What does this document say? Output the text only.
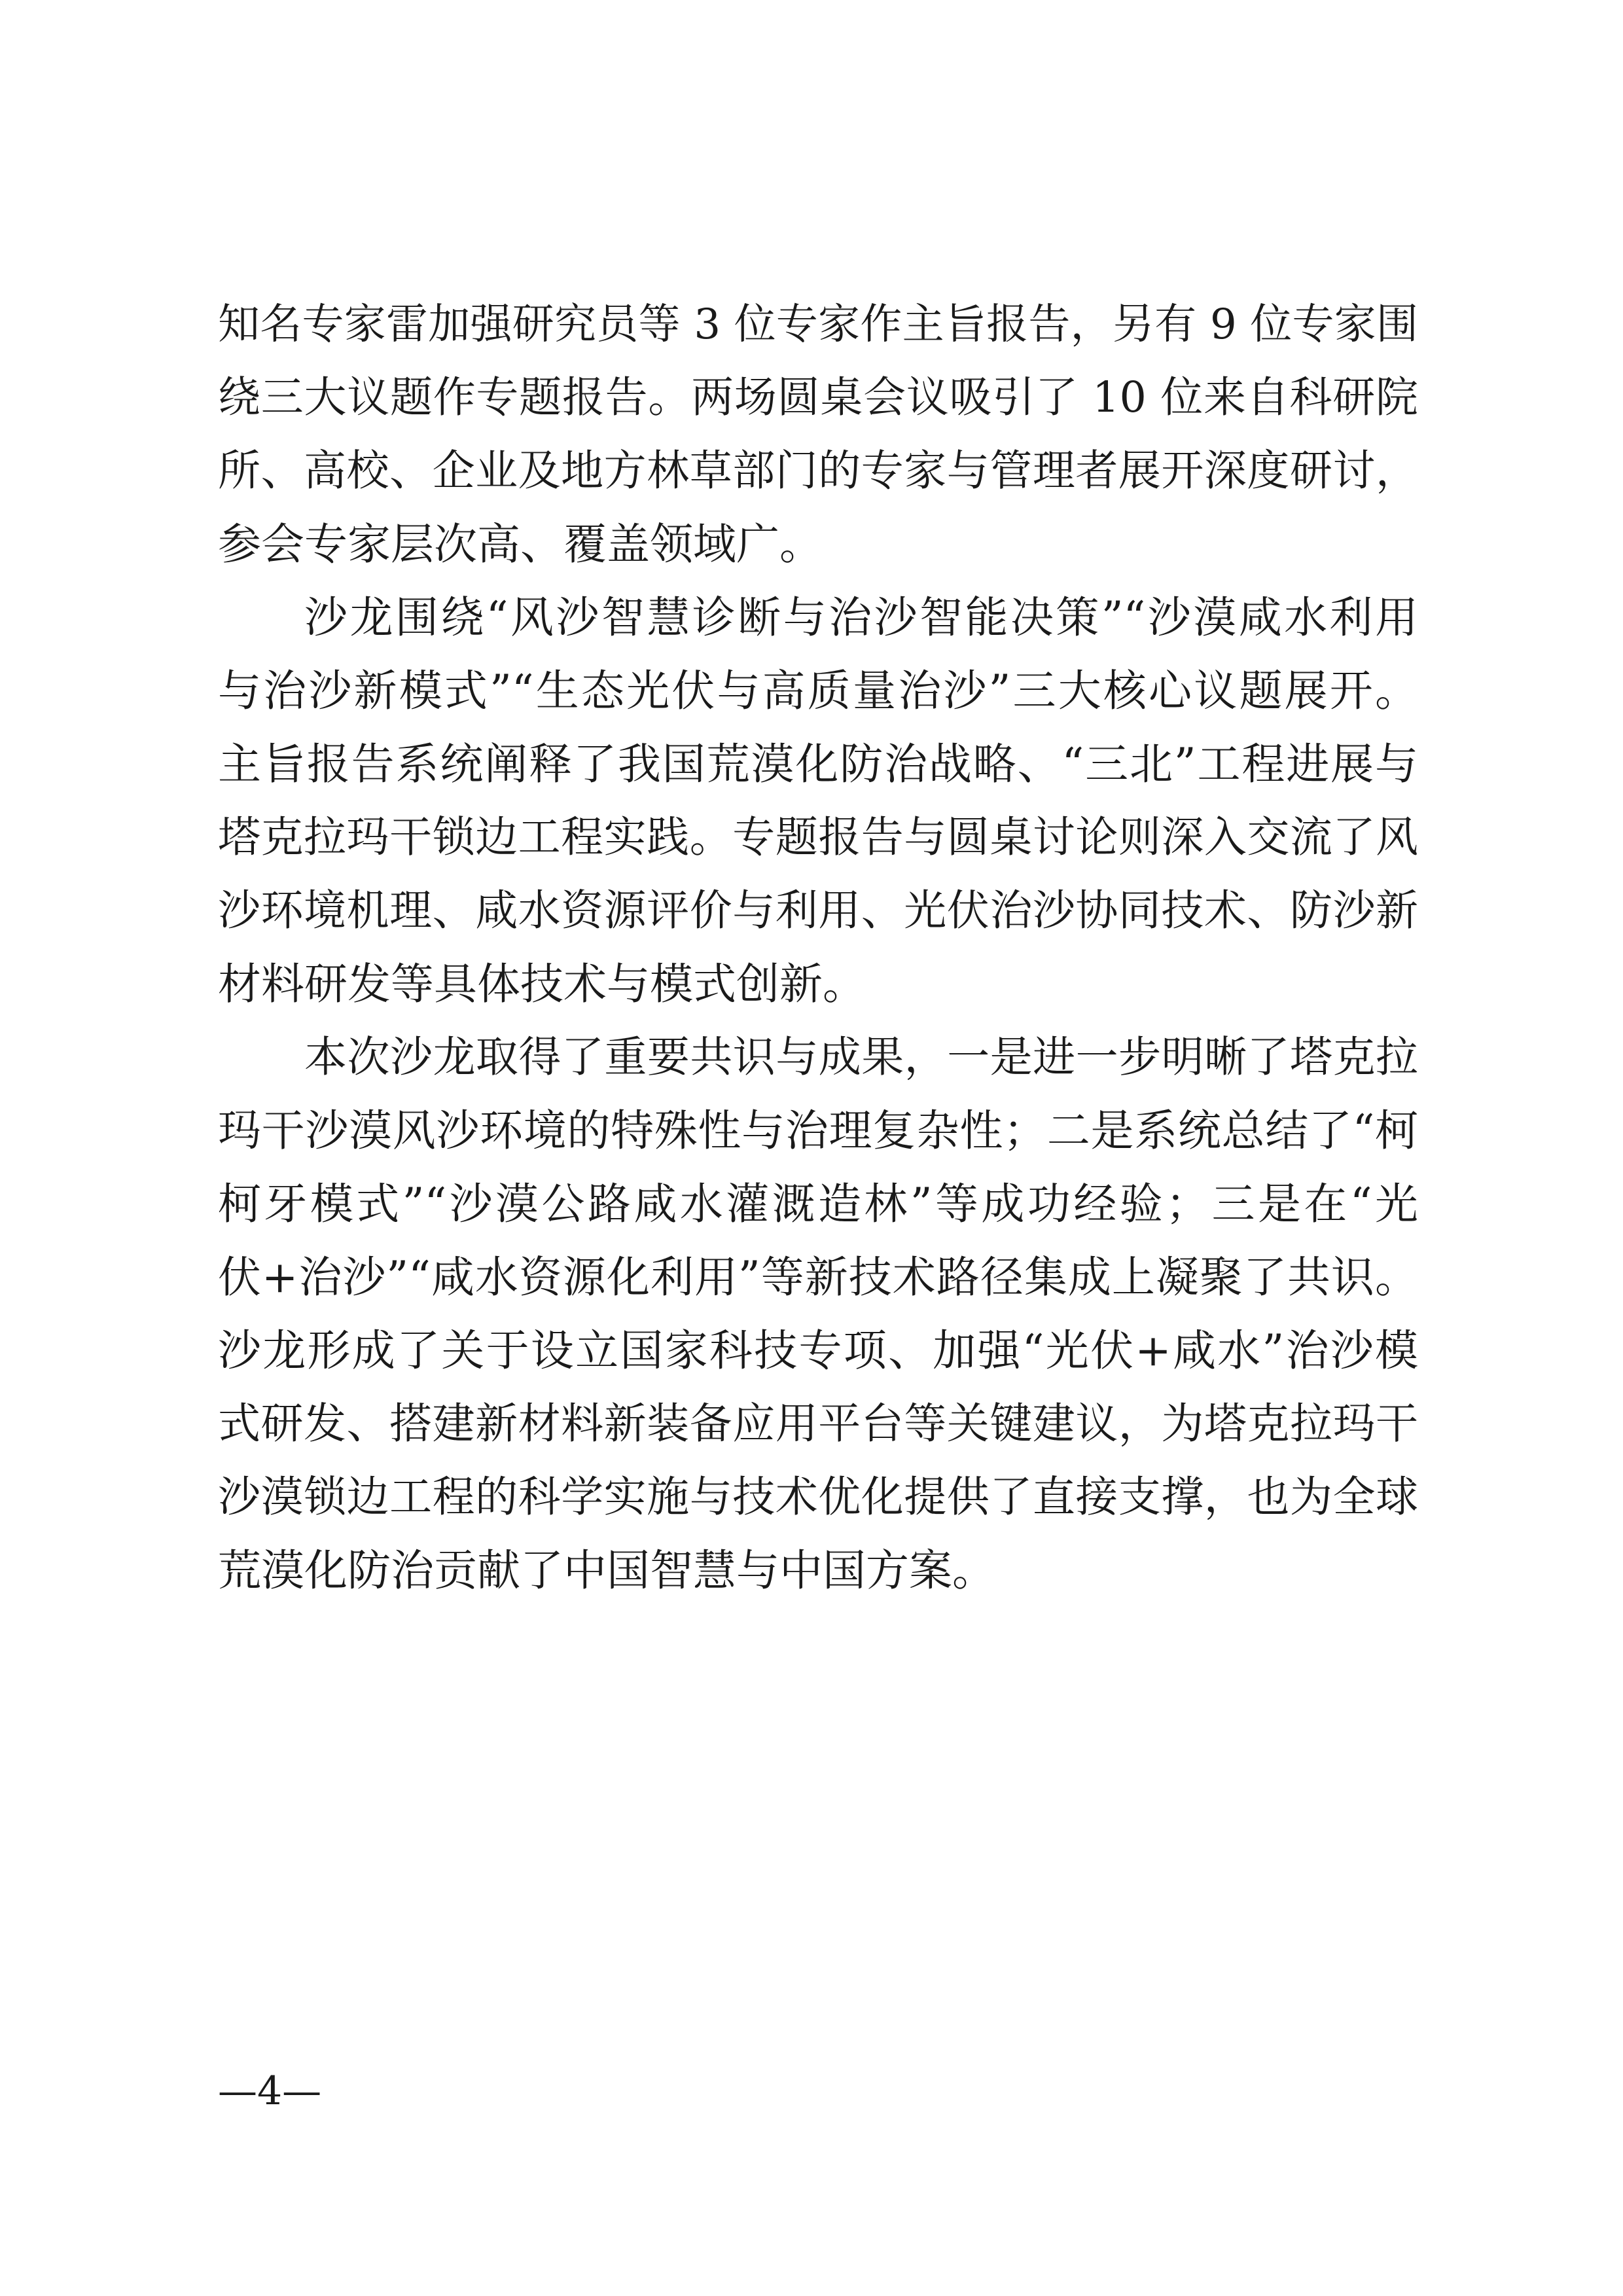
知名专家雷加强研究员等 3 位专家作主旨报告，另有 9 位专家围
绕三大议题作专题报告。两场圆桌会议吸引了 10 位来自科研院
所、高校、企业及地方林草部门的专家与管理者展开深度研讨，
参会专家层次高、覆盖领域广。
沙龙围绕“风沙智慧诊断与治沙智能决策”“沙漠咸水利用
与治沙新模式”“生态光伏与高质量治沙”三大核心议题展开。
主旨报告系统阐释了我国荒漠化防治战略、“三北”工程进展与
塔克拉玛干锁边工程实践。专题报告与圆桌讨论则深入交流了风
沙环境机理、咸水资源评价与利用、光伏治沙协同技术、防沙新
材料研发等具体技术与模式创新。
本次沙龙取得了重要共识与成果，一是进一步明晰了塔克拉
玛干沙漠风沙环境的特殊性与治理复杂性；二是系统总结了“柯
柯牙模式”“沙漠公路咸水灌溉造林”等成功经验；三是在“光
伏+治沙”“咸水资源化利用”等新技术路径集成上凝聚了共识。
沙龙形成了关于设立国家科技专项、加强“光伏+咸水”治沙模
式研发、搭建新材料新装备应用平台等关键建议，为塔克拉玛干
沙漠锁边工程的科学实施与技术优化提供了直接支撑，也为全球
荒漠化防治贡献了中国智慧与中国方案。
—4—
